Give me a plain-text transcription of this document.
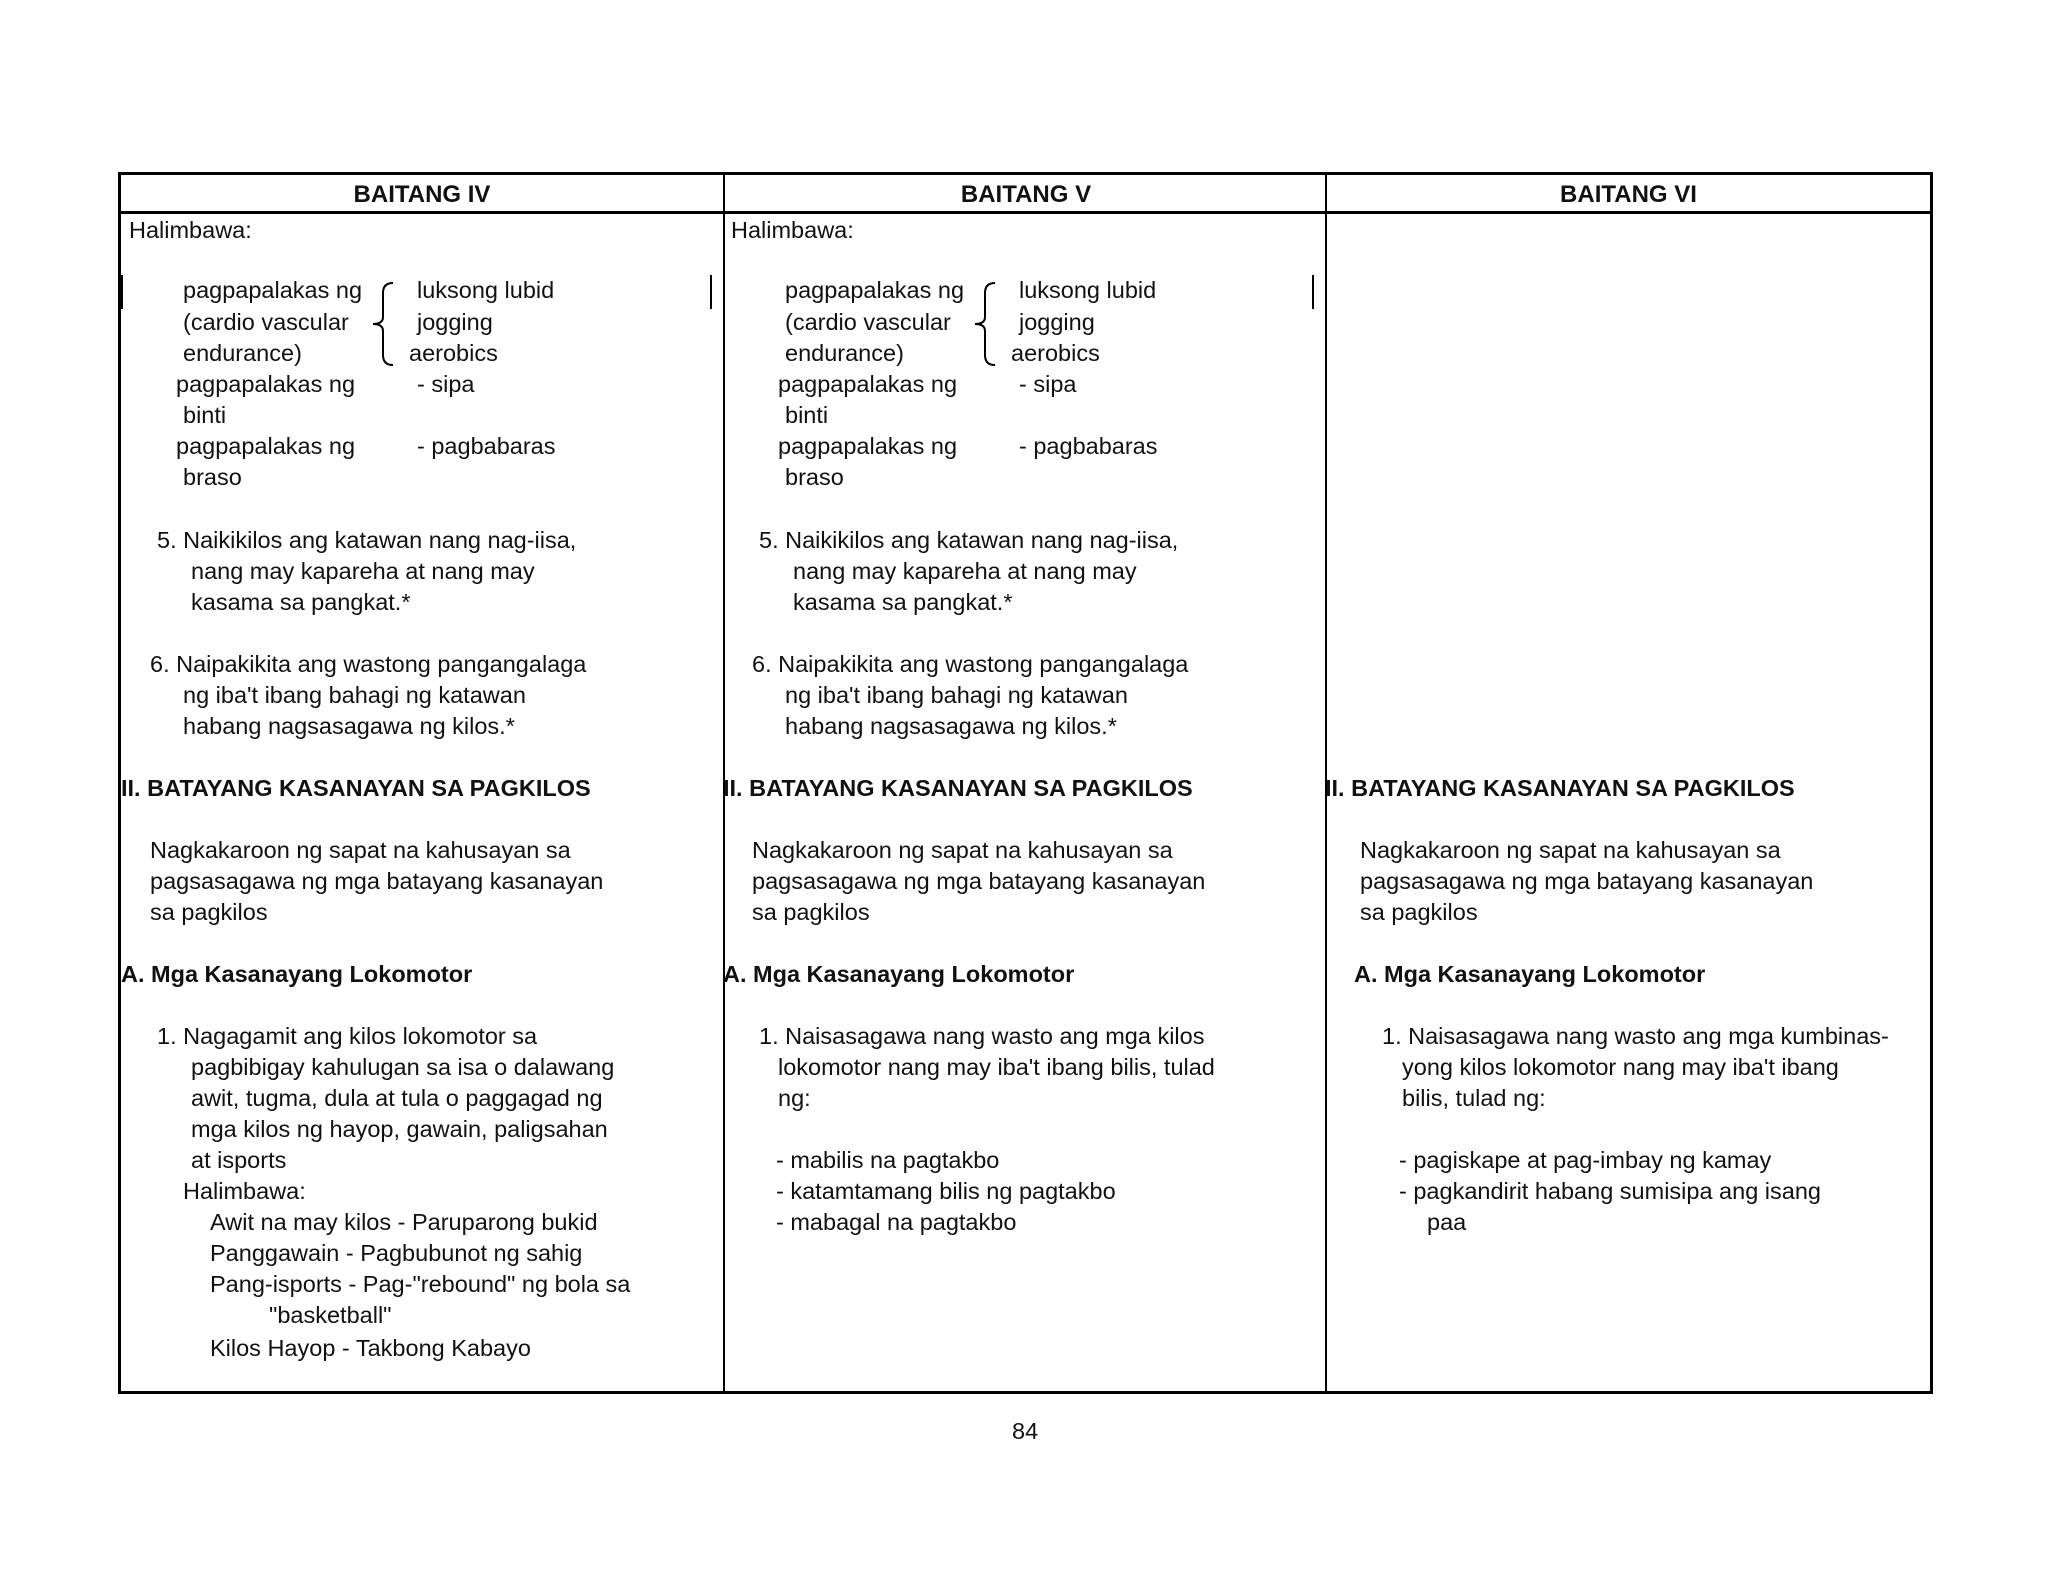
BAITANG IV
Halimbawa:
pagpapalakas ng
(cardio vascular
endurance)
luksong lubid
jogging
aerobics
pagpapalakas ng	- sipa
binti
pagpapalakas ng	- pagbabaras
braso
5. Naikikilos ang katawan nang nag-iisa,
nang may kapareha at nang may
kasama sa pangkat.*
6. Naipakikita ang wastong pangangalaga
ng iba't ibang bahagi ng katawan
habang nagsasagawa ng kilos.*
II. BATAYANG KASANAYAN SA PAGKILOS
Nagkakaroon ng sapat na kahusayan sa
pagsasagawa ng mga batayang kasanayan
sa pagkilos
A. Mga Kasanayang Lokomotor
1. Nagagamit ang kilos lokomotor sa
pagbibigay kahulugan sa isa o dalawang
awit, tugma, dula at tula o paggagad ng
mga kilos ng hayop, gawain, paligsahan
at isports
Halimbawa:
Awit na may kilos - Paruparong bukid
Panggawain - Pagbubunot ng sahig
Pang-isports - Pag-"rebound" ng bola sa
"basketball"
Kilos Hayop - Takbong Kabayo
BAITANG V
Halimbawa:
pagpapalakas ng
(cardio vascular
endurance)
luksong lubid
jogging
aerobics
pagpapalakas ng	- sipa
binti
pagpapalakas ng	- pagbabaras
braso
5. Naikikilos ang katawan nang nag-iisa,
nang may kapareha at nang may
kasama sa pangkat.*
6. Naipakikita ang wastong pangangalaga
ng iba't ibang bahagi ng katawan
habang nagsasagawa ng kilos.*
II. BATAYANG KASANAYAN SA PAGKILOS
Nagkakaroon ng sapat na kahusayan sa
pagsasagawa ng mga batayang kasanayan
sa pagkilos
A. Mga Kasanayang Lokomotor
1. Naisasagawa nang wasto ang mga kilos
lokomotor nang may iba't ibang bilis, tulad
ng:
- mabilis na pagtakbo
- katamtamang bilis ng pagtakbo
- mabagal na pagtakbo
BAITANG VI
II. BATAYANG KASANAYAN SA PAGKILOS
Nagkakaroon ng sapat na kahusayan sa
pagsasagawa ng mga batayang kasanayan
sa pagkilos
A. Mga Kasanayang Lokomotor
1. Naisasagawa nang wasto ang mga kumbinas-
yong kilos lokomotor nang may iba't ibang
bilis, tulad ng:
- pagiskape at pag-imbay ng kamay
- pagkandirit habang sumisipa ang isang
paa
84
